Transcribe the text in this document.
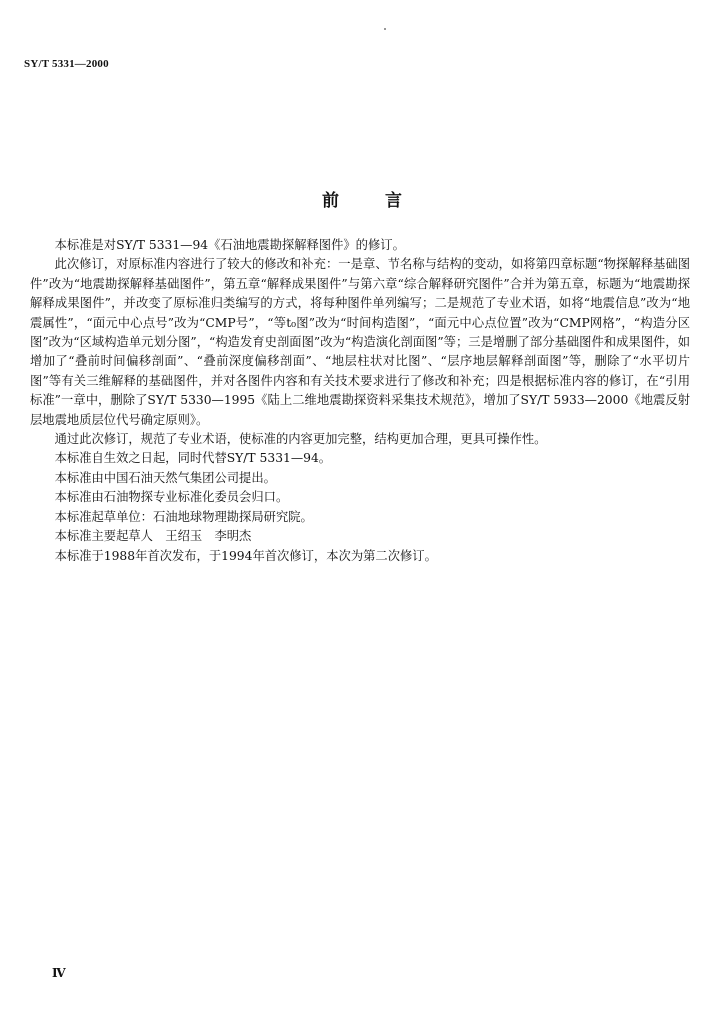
SY/T 5331—2000
前言

本标准是对SY/T 5331—94《石油地震勘探解释图件》的修订。

此次修订，对原标准内容进行了较大的修改和补充：一是章、节名称与结构的变动，如将第四章标题“物探解释基础图件”改为“地震勘探解释基础图件”，第五章“解释成果图件”与第六章“综合解释研究图件”合并为第五章，标题为“地震勘探解释成果图件”，并改变了原标准归类编写的方式，将每种图件单列编写；二是规范了专业术语，如将“地震信息”改为“地震属性”，“面元中心点号”改为“CMP号”，“等t₀图”改为“时间构造图”，“面元中心点位置”改为“CMP网格”，“构造分区图”改为“区域构造单元划分图”，“构造发育史剖面图”改为“构造演化剖面图”等；三是增删了部分基础图件和成果图件，如增加了“叠前时间偏移剖面”、“叠前深度偏移剖面”、“地层柱状对比图”、“层序地层解释剖面图”等，删除了“水平切片图”等有关三维解释的基础图件，并对各图件内容和有关技术要求进行了修改和补充；四是根据标准内容的修订，在“引用标准”一章中，删除了SY/T 5330—1995《陆上二维地震勘探资料采集技术规范》，增加了SY/T 5933—2000《地震反射层地震地质层位代号确定原则》。

通过此次修订，规范了专业术语，使标准的内容更加完整，结构更加合理，更具可操作性。

本标准自生效之日起，同时代替SY/T 5331—94。

本标准由中国石油天然气集团公司提出。

本标准由石油物探专业标准化委员会归口。

本标准起草单位：石油地球物理勘探局研究院。

本标准主要起草人　王绍玉　李明杰

本标准于1988年首次发布，于1994年首次修订，本次为第二次修订。

Ⅳ
